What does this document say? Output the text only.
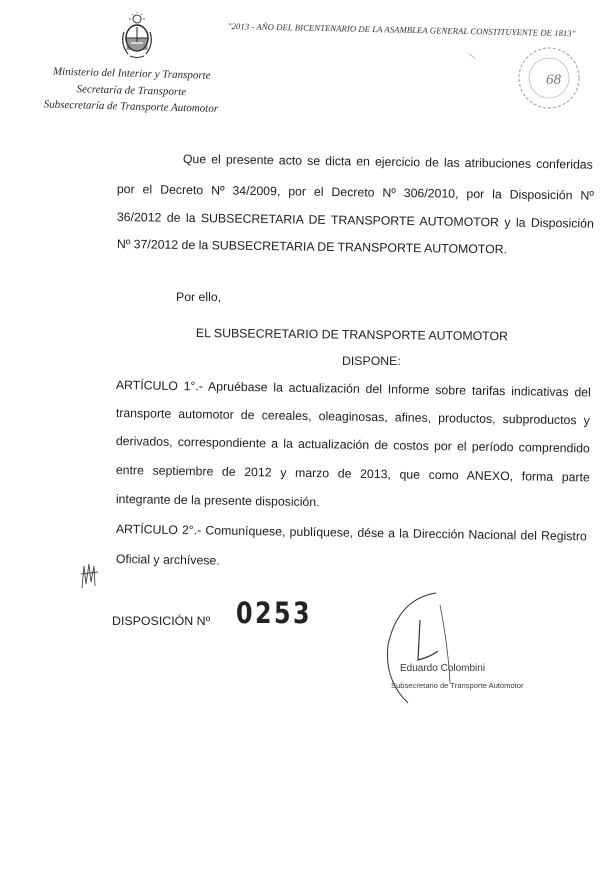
"2013 - AÑO DEL BICENTENARIO DE LA ASAMBLEA GENERAL CONSTITUYENTE DE 1813"
Ministerio del Interior y Transporte
Secretaría de Transporte
Subsecretaría de Transporte Automotor
68
Que el presente acto se dicta en ejercicio de las atribuciones conferidas
por el Decreto Nº 34/2009, por el Decreto Nº 306/2010, por la Disposición Nº
36/2012 de la SUBSECRETARIA DE TRANSPORTE AUTOMOTOR y la Disposición
Nº 37/2012 de la SUBSECRETARIA DE TRANSPORTE AUTOMOTOR.
Por ello,
EL SUBSECRETARIO DE TRANSPORTE AUTOMOTOR
DISPONE:
ARTÍCULO 1°.- Apruébase la actualización del Informe sobre tarifas indicativas del
transporte automotor de cereales, oleaginosas, afines, productos, subproductos y
derivados, correspondiente a la actualización de costos por el período comprendido
entre septiembre de 2012 y marzo de 2013, que como ANEXO, forma parte
integrante de la presente disposición.
ARTÍCULO 2°.- Comuníquese, publíquese, dése a la Dirección Nacional del Registro
Oficial y archívese.
DISPOSICIÓN Nº 0253
Eduardo Colombini
Subsecretario de Transporte Automotor
